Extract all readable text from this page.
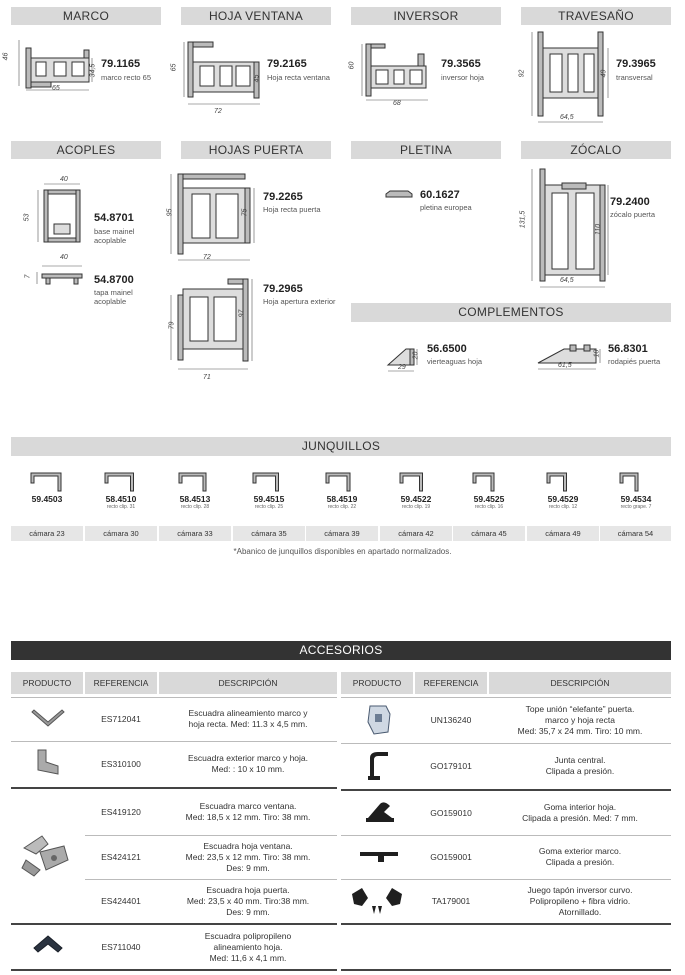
MARCO	HOJA VENTANA	INVERSOR	TRAVESAÑO
46
34,5
65
79.1165
marco recto 65
65
45
72
79.2165
Hoja recta ventana
60
68
79.3565
inversor hoja	92	49
64,5
79.3965
transversal
ACOPLES	HOJAS PUERTA	PLETINA	ZÓCALO
40
53	54.8701
base mainel
acoplable
40
7	54.8700
tapa mainel
acoplable
95	75
72
79.2265
Hoja recta puerta
79
97
71
79.2965
Hoja apertura exterior
60.1627
pletina europea
131,5
110
64,5
79.2400
zócalo puerta
COMPLEMENTOS
20
29
56.6500
vierteaguas hoja
18
61,5
56.8301
rodapiés puerta
JUNQUILLOS
59.4503
cámara 23
58.4510
recto clip. 31
cámara 30
58.4513
recto clip. 28
cámara 33
59.4515
recto clip. 25
cámara 35
58.4519
recto clip. 22
cámara 39
59.4522
recto clip. 19
cámara 42
59.4525
recto clip. 16
cámara 45
59.4529
recto clip. 12
cámara 49
59.4534
recto grape. 7
cámara 54
*Abanico de junquillos disponibles en apartado normalizados.
ACCESORIOS
PRODUCTO	REFERENCIA	DESCRIPCIÓN	PRODUCTO	REFERENCIA	DESCRIPCIÓN
ES712041
Escuadra alineamiento marco y
hoja recta. Med: 11.3 x 4,5 mm.
ES310100
Escuadra exterior marco y hoja.
Med: : 10 x 10 mm.
ES419120
Escuadra marco ventana.
Med: 18,5 x 12 mm. Tiro: 38 mm.
ES424121
Escuadra hoja ventana.
Med: 23,5 x 12 mm. Tiro: 38 mm.
Des: 9 mm.
ES424401
Escuadra hoja puerta.
Med: 23,5 x 40 mm. Tiro:38 mm.
Des: 9 mm.
ES711040
Escuadra polipropileno
alineamiento hoja.
Med: 11,6 x 4,1 mm.
UN136240
Tope unión “elefante” puerta.
marco y hoja recta
Med: 35,7 x 24 mm. Tiro: 10 mm.
GO179101
Junta central.
Clipada a presión.
GO159010
Goma interior hoja.
Clipada a presión. Med: 7 mm.
GO159001
Goma exterior marco.
Clipada a presión.
TA179001
Juego tapón inversor curvo.
Polipropileno + fibra vidrio.
Atornillado.
